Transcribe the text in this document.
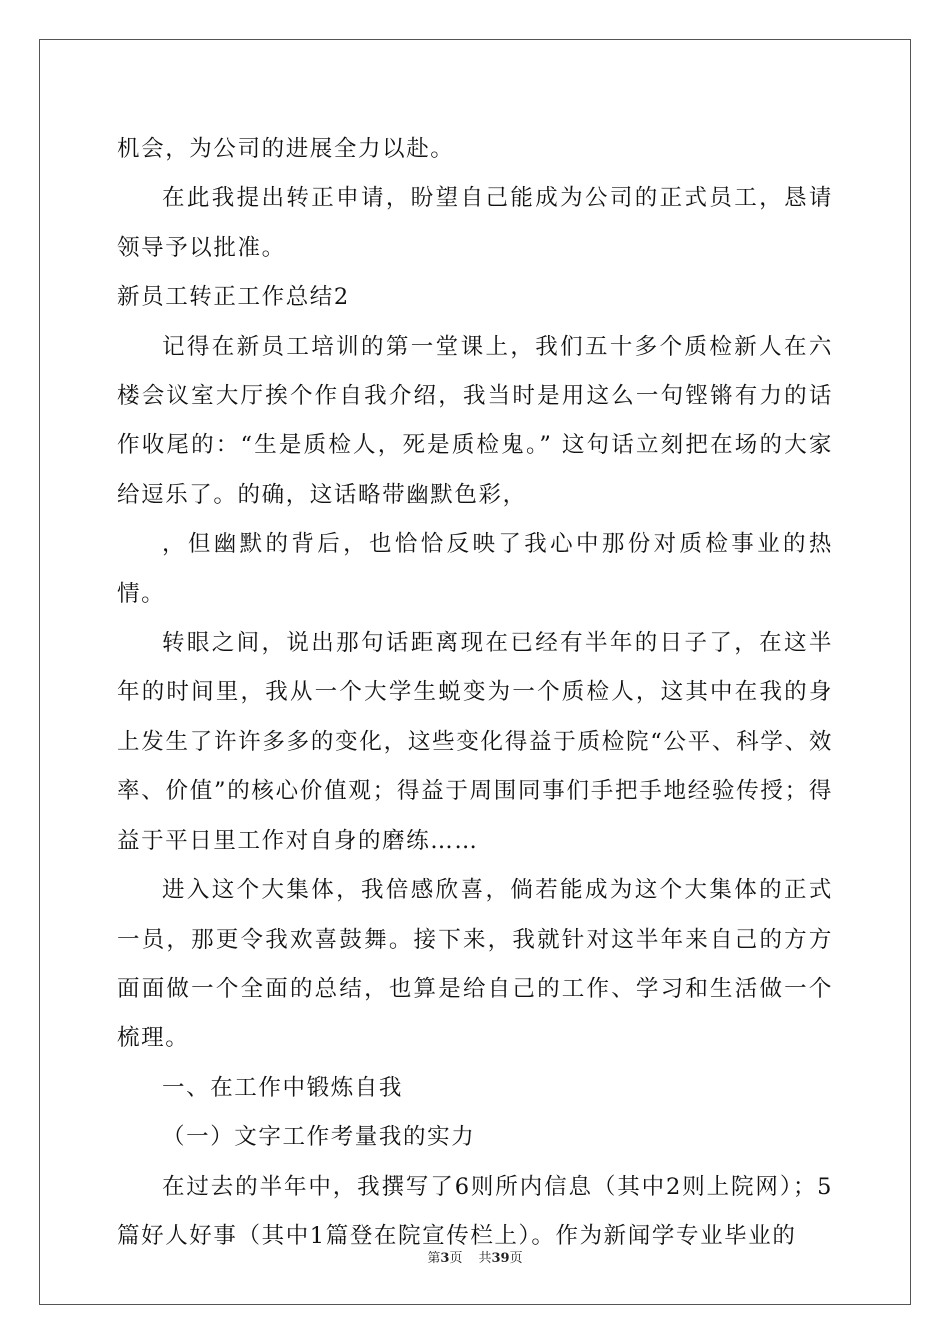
机会，为公司的进展全力以赴。

在此我提出转正申请，盼望自己能成为公司的正式员工，恳请领导予以批准。

新员工转正工作总结2

记得在新员工培训的第一堂课上，我们五十多个质检新人在六楼会议室大厅挨个作自我介绍，我当时是用这么一句铿锵有力的话作收尾的：“生是质检人，死是质检鬼。” 这句话立刻把在场的大家给逗乐了。的确，这话略带幽默色彩，

，但幽默的背后，也恰恰反映了我心中那份对质检事业的热情。

转眼之间，说出那句话距离现在已经有半年的日子了，在这半年的时间里，我从一个大学生蜕变为一个质检人，这其中在我的身上发生了许许多多的变化，这些变化得益于质检院“公平、科学、效率、价值”的核心价值观；得益于周围同事们手把手地经验传授；得益于平日里工作对自身的磨练……

进入这个大集体，我倍感欣喜，倘若能成为这个大集体的正式一员，那更令我欢喜鼓舞。接下来，我就针对这半年来自己的方方面面做一个全面的总结，也算是给自己的工作、学习和生活做一个梳理。

一、在工作中锻炼自我

（一）文字工作考量我的实力

在过去的半年中，我撰写了6则所内信息（其中2则上院网）；5篇好人好事（其中1篇登在院宣传栏上）。作为新闻学专业毕业的

第3页 共39页
